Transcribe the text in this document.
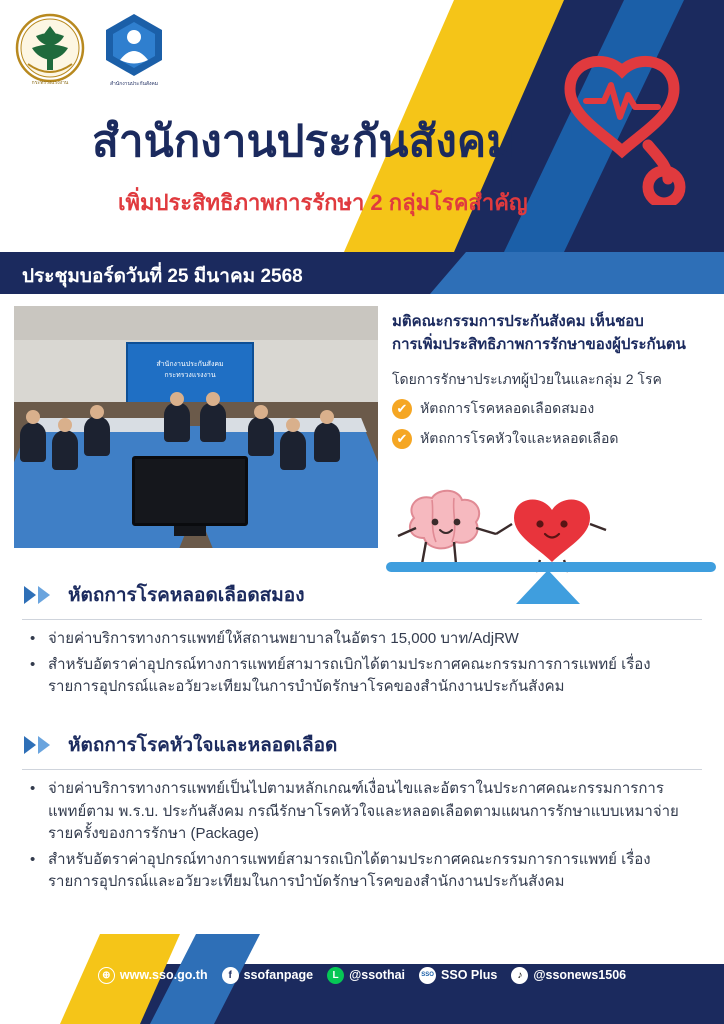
กระทรวงแรงงาน	สำนักงานประกันสังคม
สำนักงานประกันสังคม
เพิ่มประสิทธิภาพการรักษา 2 กลุ่มโรคสำคัญ
ประชุมบอร์ดวันที่ 25 มีนาคม 2568
สำนักงานประกันสังคม
กระทรวงแรงงาน
มติคณะกรรมการประกันสังคม เห็นชอบ
การเพิ่มประสิทธิภาพการรักษาของผู้ประกันตน
โดยการรักษาประเภทผู้ป่วยในและกลุ่ม 2 โรค
✔ หัตถการโรคหลอดเลือดสมอง
✔ หัตถการโรคหัวใจและหลอดเลือด
หัตถการโรคหลอดเลือดสมอง
• จ่ายค่าบริการทางการแพทย์ให้สถานพยาบาลในอัตรา 15,000 บาท/AdjRW
• สำหรับอัตราค่าอุปกรณ์ทางการแพทย์สามารถเบิกได้ตามประกาศคณะกรรมการการแพทย์ เรื่องรายการอุปกรณ์และอวัยวะเทียมในการบำบัดรักษาโรคของสำนักงานประกันสังคม
หัตถการโรคหัวใจและหลอดเลือด
• จ่ายค่าบริการทางการแพทย์เป็นไปตามหลักเกณฑ์เงื่อนไขและอัตราในประกาศคณะกรรมการการแพทย์ตาม พ.ร.บ. ประกันสังคม กรณีรักษาโรคหัวใจและหลอดเลือดตามแผนการรักษาแบบเหมาจ่ายรายครั้งของการรักษา (Package)
• สำหรับอัตราค่าอุปกรณ์ทางการแพทย์สามารถเบิกได้ตามประกาศคณะกรรมการการแพทย์ เรื่องรายการอุปกรณ์และอวัยวะเทียมในการบำบัดรักษาโรคของสำนักงานประกันสังคม
⊕ www.sso.go.th	f ssofanpage	L @ssothai	SSO SSO Plus	♪ @ssonews1506
